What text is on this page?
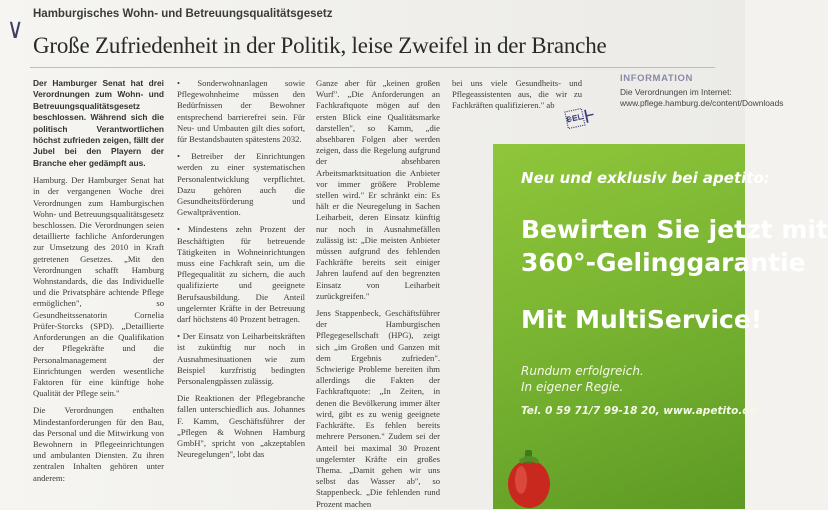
∨ Hamburgisches Wohn- und Betreuungsqualitätsgesetz
Große Zufriedenheit in der Politik, leise Zweifel in der Branche

Der Hamburger Senat hat drei Verordnungen zum Wohn- und Betreuungsqualitätsgesetz beschlossen. Während sich die politisch Verantwortlichen höchst zufrieden zeigen, fällt der Jubel bei den Playern der Branche eher gedämpft aus.

Hamburg. Der Hamburger Senat hat in der vergangenen Woche drei Verordnungen zum Hamburgischen Wohn- und Betreuungsqualitätsgesetz beschlossen. Die Verordnungen seien detaillierte fachliche Anforderungen zur Umsetzung des 2010 in Kraft getretenen Gesetzes. „Mit den Verordnungen schafft Hamburg Wohnstandards, die das Individuelle und die Privatsphäre achtende Pflege ermöglichen", so Gesundheitssenatorin Cornelia Prüfer-Storcks (SPD). „Detaillierte Anforderungen an die Qualifikation der Pflegekräfte und die Personalmanagement der Einrichtungen werden wesentliche Faktoren für eine künftige hohe Qualität der Pflege sein."

Die Verordnungen enthalten Mindestanforderungen für den Bau, das Personal und die Mitwirkung von Bewohnern in Pflegeeinrichtungen und ambulanten Diensten. Zu ihren zentralen Inhalten gehören unter anderem:

• Sonderwohnanlagen sowie Pflegewohnheime müssen den Bedürfnissen der Bewohner entsprechend barrierefrei sein. Für Neu- und Umbauten gilt dies sofort, für Bestandsbauten spätestens 2032.

• Betreiber der Einrichtungen werden zu einer systematischen Personalentwicklung verpflichtet. Dazu gehören auch die Gesundheitsförderung und Gewaltprävention.

• Mindestens zehn Prozent der Beschäftigten für betreuende Tätigkeiten in Wohneinrichtungen muss eine Fachkraft sein, um die Pflegequalität zu sichern, die auch qualifizierte und geeignete Berufsausbildung. Die Anteil ungelernter Kräfte in der Betreuung darf höchstens 40 Prozent betragen.

• Der Einsatz von Leiharbeitskräften ist zukünftig nur noch in Ausnahmesituationen wie zum Beispiel kurzfristig bedingten Personalengpässen zulässig.

Die Reaktionen der Pflegebranche fallen unterschiedlich aus. Johannes F. Kamm, Geschäftsführer der „Pflegen & Wohnen Hamburg GmbH", spricht von „akzeptablen Neuregelungen", lobt das

Ganze aber für „keinen großen Wurf". „Die Anforderungen an Fachkraftquote mögen auf den ersten Blick eine Qualitätsmarke darstellen", so Kamm, „die absehbaren Folgen aber werden zeigen, dass die Regelung aufgrund der absehbaren Arbeitsmarktsituation die Anbieter vor immer größere Probleme stellen wird." Er schränkt ein: Es hält er die Neuregelung in Sachen Leiharbeit, deren Einsatz künftig nur noch in Ausnahmefällen zulässig ist: „Die meisten Anbieter müssen aufgrund des fehlenden Fachkräfte bereits seit einiger Jahren laufend auf den begrenzten Einsatz von Leiharbeit zurückgreifen."

Jens Stappenbeck, Geschäftsführer der Hamburgischen Pflegegesellschaft (HPG), zeigt sich „im Großen und Ganzen mit dem Ergebnis zufrieden". Schwierige Probleme bereiten ihm allerdings die Fakten der Fachkraftquote: „In Zeiten, in denen die Bevölkerung immer älter wird, gibt es zu wenig geeignete Fachkräfte. Es fehlen bereits mehrere Personen." Zudem sei der Anteil bei maximal 30 Prozent ungelernter Kräfte ein großes Thema. „Damit gehen wir uns selbst das Wasser ab", so Stappenbeck. „Die fehlenden rund Prozent machen

bei uns viele Gesundheits- und Pflegeassistenten aus, die wir zu Fachkräften qualifizieren." ab Ⱶ
INFORMATION
Die Verordnungen im Internet: www.pflege.hamburg.de/content/Downloads
Neu und exklusiv bei apetito:
Bewirten Sie jetzt mit
360°-Gelinggarantie
Mit MultiService!
Rundum erfolgreich.
In eigener Regie.
Tel. 0 59 71/7 99-18 20, www.apetito.de
